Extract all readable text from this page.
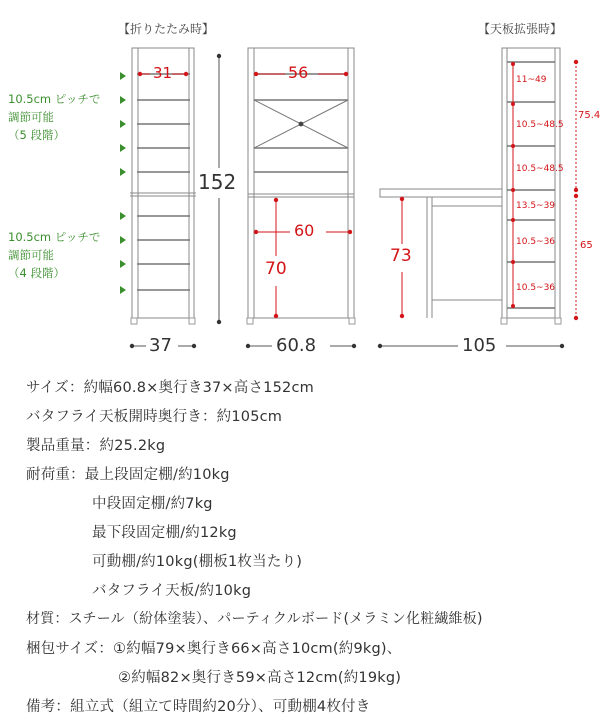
【折りたたみ時】	【天板拡張時】
10.5cm ピッチで
調節可能
（5 段階）
10.5cm ピッチで
調節可能
（4 段階）
31
152
37
56
60
70
60.8
73
105
11~49
10.5~48.5
10.5~48.5
13.5~39
10.5~36
10.5~36
75.4
65
サイズ：約幅60.8×奥行き37×高さ152cm
バタフライ天板開時奥行き：約105cm
製品重量：約25.2kg
耐荷重：最上段固定棚/約10kg
中段固定棚/約7kg
最下段固定棚/約12kg
可動棚/約10kg(棚板1枚当たり)
バタフライ天板/約10kg
材質：スチール（紛体塗装）、パーティクルボード(メラミン化粧繊維板)
梱包サイズ：①約幅79×奥行き66×高さ10cm(約9kg)、
②約幅82×奥行き59×高さ12cm(約19kg)
備考：組立式（組立て時間約20分）、可動棚4枚付き
